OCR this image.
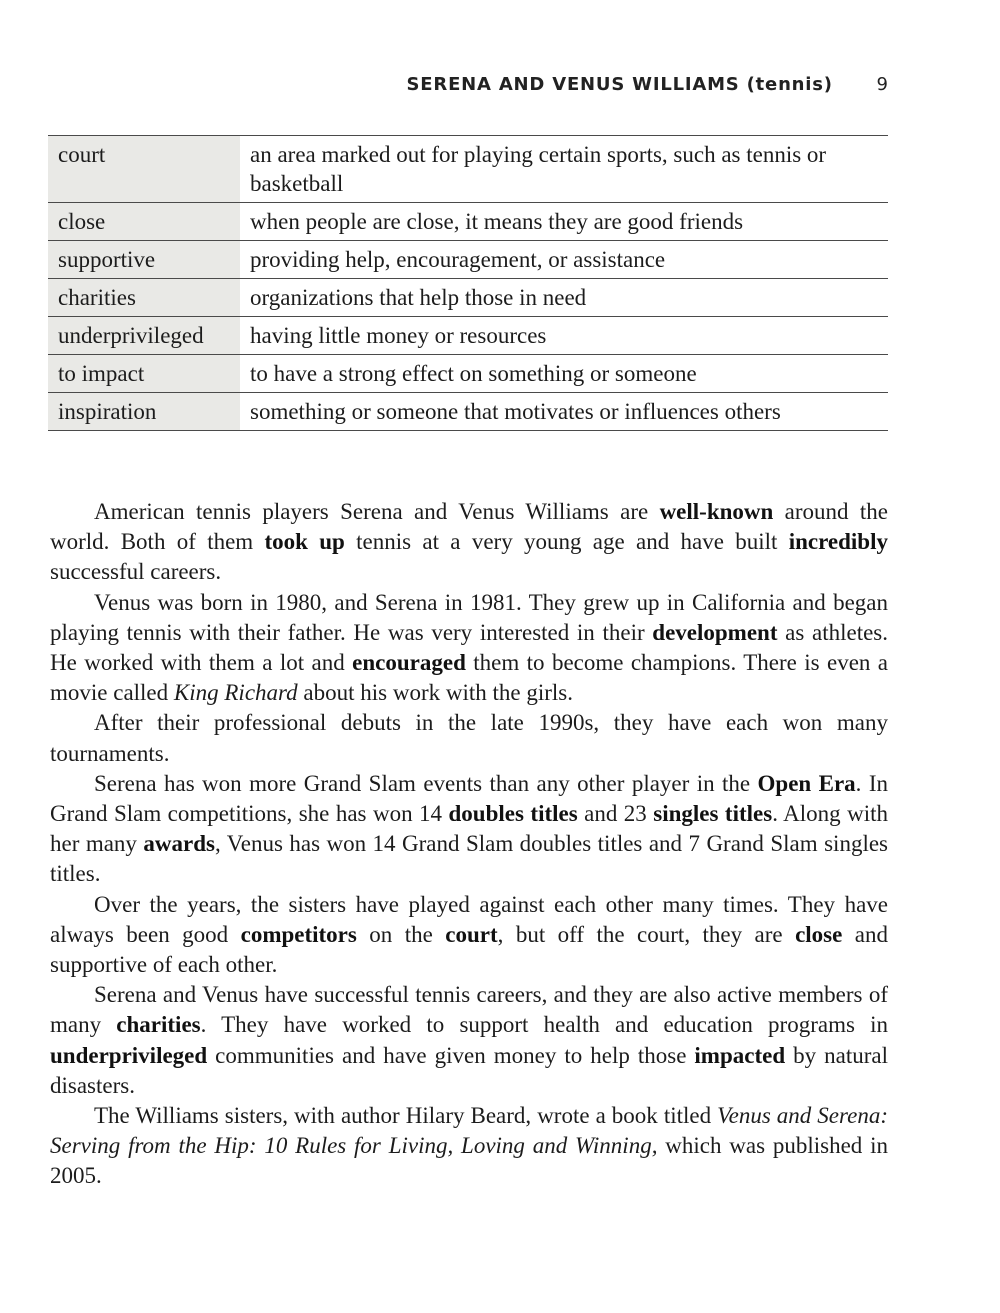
SERENA AND VENUS WILLIAMS (tennis) 9
court	an area marked out for playing certain sports, such as tennis or basketball
close	when people are close, it means they are good friends
supportive	providing help, encouragement, or assistance
charities	organizations that help those in need
underprivileged	having little money or resources
to impact	to have a strong effect on something or someone
inspiration	something or someone that motivates or influences others

American tennis players Serena and Venus Williams are well-known around the world. Both of them took up tennis at a very young age and have built incredibly successful careers.

Venus was born in 1980, and Serena in 1981. They grew up in California and began playing tennis with their father. He was very interested in their development as athletes. He worked with them a lot and encouraged them to become champions. There is even a movie called King Richard about his work with the girls.

After their professional debuts in the late 1990s, they have each won many tournaments.

Serena has won more Grand Slam events than any other player in the Open Era. In Grand Slam competitions, she has won 14 doubles titles and 23 singles titles. Along with her many awards, Venus has won 14 Grand Slam doubles titles and 7 Grand Slam singles titles.

Over the years, the sisters have played against each other many times. They have always been good competitors on the court, but off the court, they are close and supportive of each other.

Serena and Venus have successful tennis careers, and they are also active members of many charities. They have worked to support health and education programs in underprivileged communities and have given money to help those impacted by natural disasters.

The Williams sisters, with author Hilary Beard, wrote a book titled Venus and Serena: Serving from the Hip: 10 Rules for Living, Loving and Winning, which was published in 2005.
